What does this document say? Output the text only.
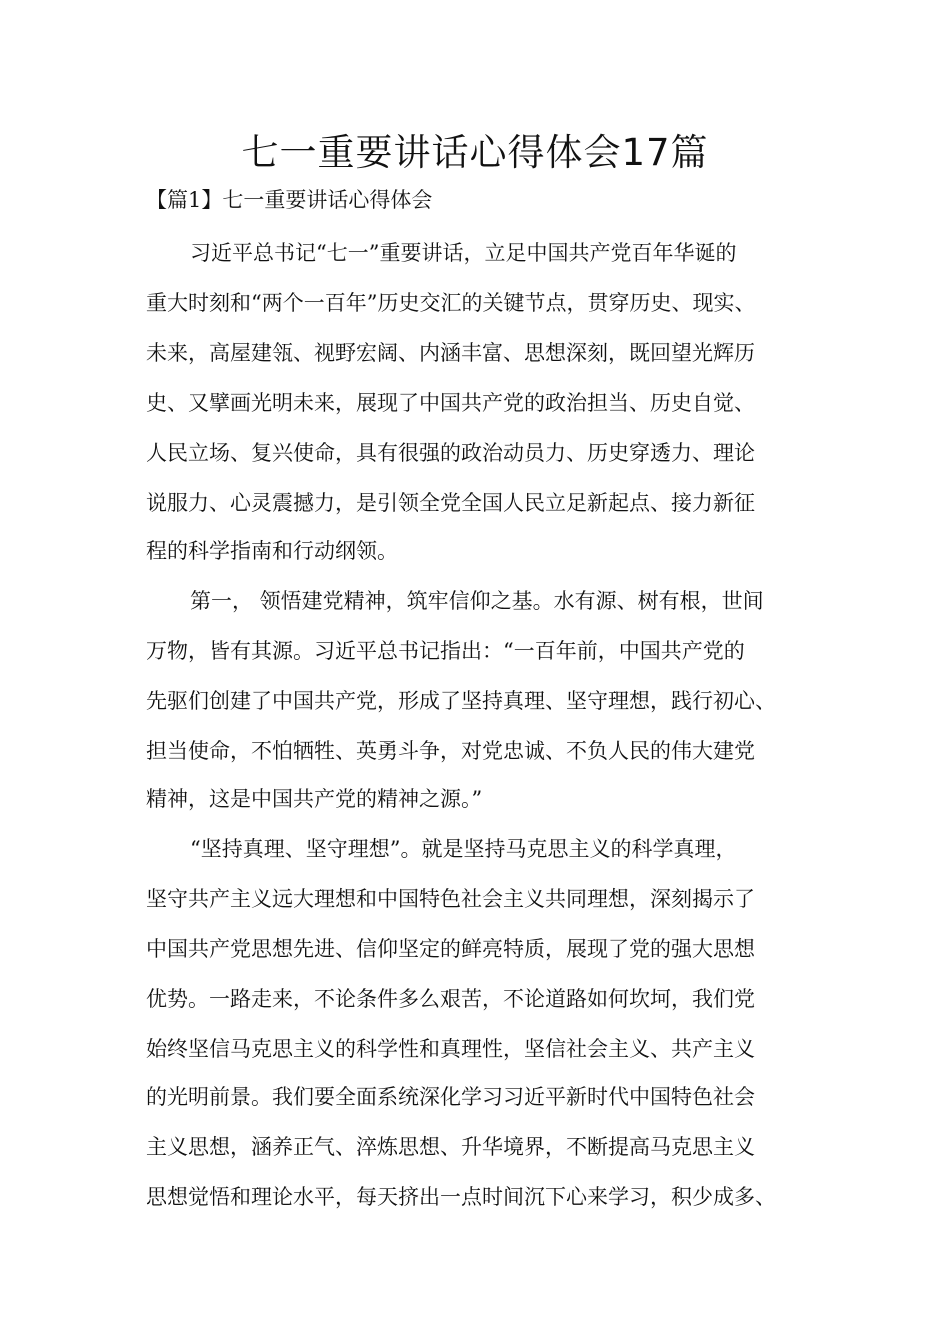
七一重要讲话心得体会17篇
【篇1】七一重要讲话心得体会
习近平总书记“七一”重要讲话，立足中国共产党百年华诞的
重大时刻和“两个一百年”历史交汇的关键节点，贯穿历史、现实、
未来，高屋建瓴、视野宏阔、内涵丰富、思想深刻，既回望光辉历
史、又擘画光明未来，展现了中国共产党的政治担当、历史自觉、
人民立场、复兴使命，具有很强的政治动员力、历史穿透力、理论
说服力、心灵震撼力，是引领全党全国人民立足新起点、接力新征
程的科学指南和行动纲领。
第一， 领悟建党精神，筑牢信仰之基。水有源、树有根，世间
万物，皆有其源。习近平总书记指出：“一百年前，中国共产党的
先驱们创建了中国共产党，形成了坚持真理、坚守理想，践行初心、
担当使命，不怕牺牲、英勇斗争，对党忠诚、不负人民的伟大建党
精神，这是中国共产党的精神之源。”
“坚持真理、坚守理想”。就是坚持马克思主义的科学真理，
坚守共产主义远大理想和中国特色社会主义共同理想，深刻揭示了
中国共产党思想先进、信仰坚定的鲜亮特质，展现了党的强大思想
优势。一路走来，不论条件多么艰苦，不论道路如何坎坷，我们党
始终坚信马克思主义的科学性和真理性，坚信社会主义、共产主义
的光明前景。我们要全面系统深化学习习近平新时代中国特色社会
主义思想，涵养正气、淬炼思想、升华境界，不断提高马克思主义
思想觉悟和理论水平，每天挤出一点时间沉下心来学习，积少成多、
